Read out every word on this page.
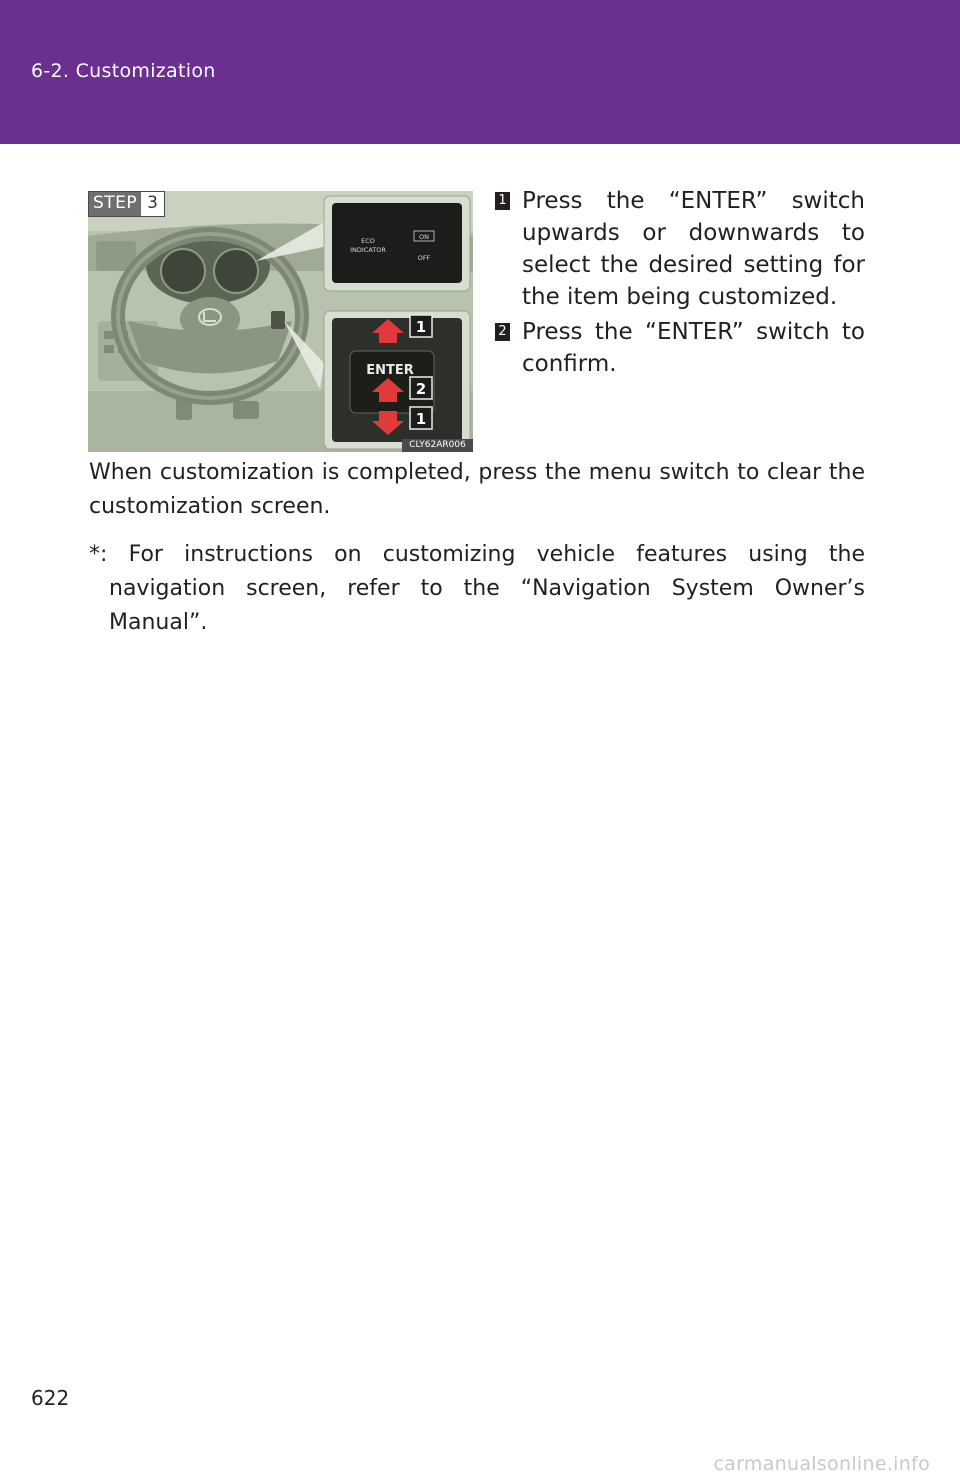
6-2. Customization
ECO
INDICATOR
ON
OFF
ENTER
1
2
1
STEP 3
CLY62AR006
1 Press the “ENTER” switch upwards or downwards to select the desired setting for the item being customized.
2 Press the “ENTER” switch to confirm.
When customization is completed, press the menu switch to clear the customization screen.
*: For instructions on customizing vehicle features using the navigation screen, refer to the “Navigation System Owner’s Manual”.
622
carmanualsonline.info
